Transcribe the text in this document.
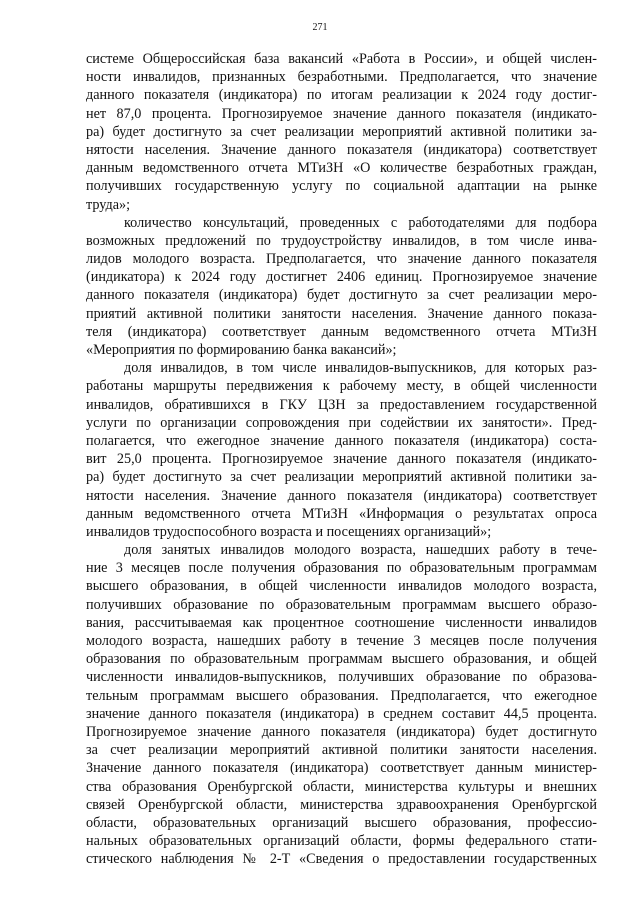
271
системе Общероссийская база вакансий «Работа в России», и общей числен-
ности инвалидов, признанных безработными. Предполагается, что значение
данного показателя (индикатора) по итогам реализации к 2024 году достиг-
нет 87,0 процента. Прогнозируемое значение данного показателя (индикато-
ра) будет достигнуто за счет реализации мероприятий активной политики за-
нятости населения. Значение данного показателя (индикатора) соответствует
данным ведомственного отчета МТиЗН «О количестве безработных граждан,
получивших государственную услугу по социальной адаптации на рынке
труда»;
количество консультаций, проведенных с работодателями для подбора
возможных предложений по трудоустройству инвалидов, в том числе инва-
лидов молодого возраста. Предполагается, что значение данного показателя
(индикатора) к 2024 году достигнет 2406 единиц. Прогнозируемое значение
данного показателя (индикатора) будет достигнуто за счет реализации меро-
приятий активной политики занятости населения. Значение данного показа-
теля (индикатора) соответствует данным ведомственного отчета МТиЗН
«Мероприятия по формированию банка вакансий»;
доля инвалидов, в том числе инвалидов-выпускников, для которых раз-
работаны маршруты передвижения к рабочему месту, в общей численности
инвалидов, обратившихся в ГКУ ЦЗН за предоставлением государственной
услуги по организации сопровождения при содействии их занятости». Пред-
полагается, что ежегодное значение данного показателя (индикатора) соста-
вит 25,0 процента. Прогнозируемое значение данного показателя (индикато-
ра) будет достигнуто за счет реализации мероприятий активной политики за-
нятости населения. Значение данного показателя (индикатора) соответствует
данным ведомственного отчета МТиЗН «Информация о результатах опроса
инвалидов трудоспособного возраста и посещениях организаций»;
доля занятых инвалидов молодого возраста, нашедших работу в тече-
ние 3 месяцев после получения образования по образовательным программам
высшего образования, в общей численности инвалидов молодого возраста,
получивших образование по образовательным программам высшего образо-
вания, рассчитываемая как процентное соотношение численности инвалидов
молодого возраста, нашедших работу в течение 3 месяцев после получения
образования по образовательным программам высшего образования, и общей
численности инвалидов-выпускников, получивших образование по образова-
тельным программам высшего образования. Предполагается, что ежегодное
значение данного показателя (индикатора) в среднем составит 44,5 процента.
Прогнозируемое значение данного показателя (индикатора) будет достигнуто
за счет реализации мероприятий активной политики занятости населения.
Значение данного показателя (индикатора) соответствует данным министер-
ства образования Оренбургской области, министерства культуры и внешних
связей Оренбургской области, министерства здравоохранения Оренбургской
области, образовательных организаций высшего образования, профессио-
нальных образовательных организаций области, формы федерального стати-
стического наблюдения № 2-Т «Сведения о предоставлении государственных
